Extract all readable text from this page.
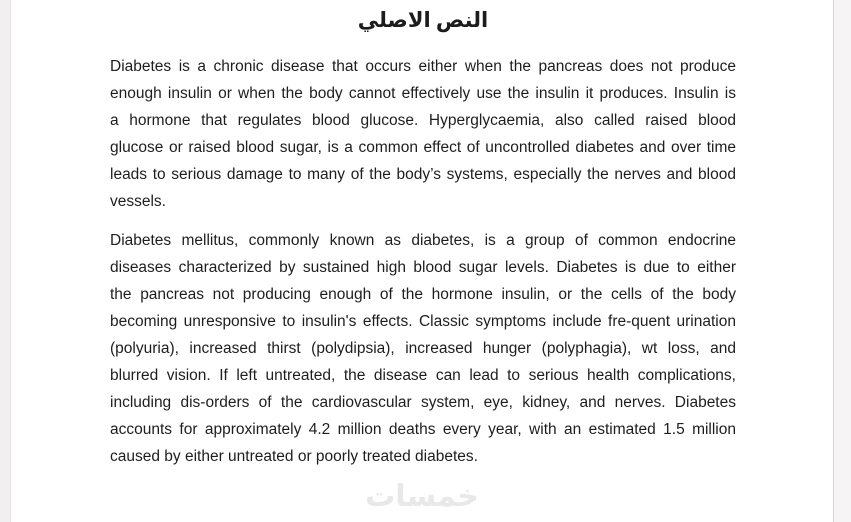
النص الاصلي
Diabetes is a chronic disease that occurs either when the pancreas does not produce
enough insulin or when the body cannot effectively use the insulin it produces. Insulin is
a hormone that regulates blood glucose. Hyperglycaemia, also called raised blood
glucose or raised blood sugar, is a common effect of uncontrolled diabetes and over time
leads to serious damage to many of the body’s systems, especially the nerves and blood
vessels.
Diabetes mellitus, commonly known as diabetes, is a group of common endocrine
diseases characterized by sustained high blood sugar levels. Diabetes is due to either
the pancreas not producing enough of the hormone insulin, or the cells of the body
becoming unresponsive to insulin's effects. Classic symptoms include fre-quent urination
(polyuria), increased thirst (polydipsia), increased hunger (polyphagia), wt loss, and
blurred vision. If left untreated, the disease can lead to serious health complications,
including dis-orders of the cardiovascular system, eye, kidney, and nerves. Diabetes
accounts for approximately 4.2 million deaths every year, with an estimated 1.5 million
caused by either untreated or poorly treated diabetes.
خمسات
